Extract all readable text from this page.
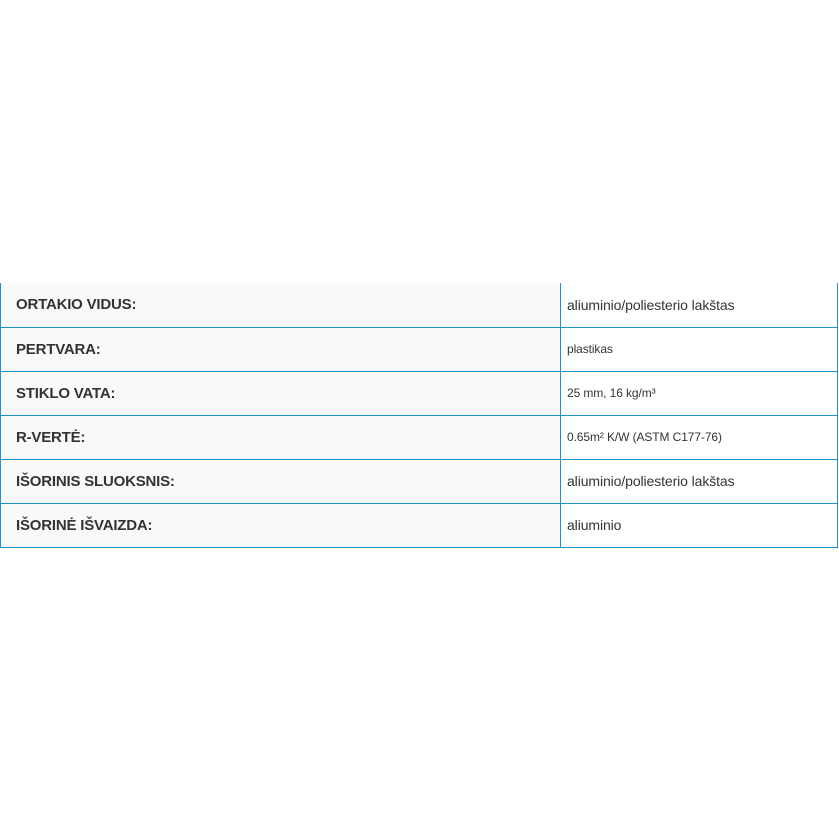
ORTAKIO VIDUS:	aliuminio/poliesterio lakštas
PERTVARA:	plastikas
STIKLO VATA:	25 mm, 16 kg/m³
R-VERTĖ:	0.65m² K/W (ASTM C177-76)
IŠORINIS SLUOKSNIS:	aliuminio/poliesterio lakštas
IŠORINĖ IŠVAIZDA:	aliuminio
